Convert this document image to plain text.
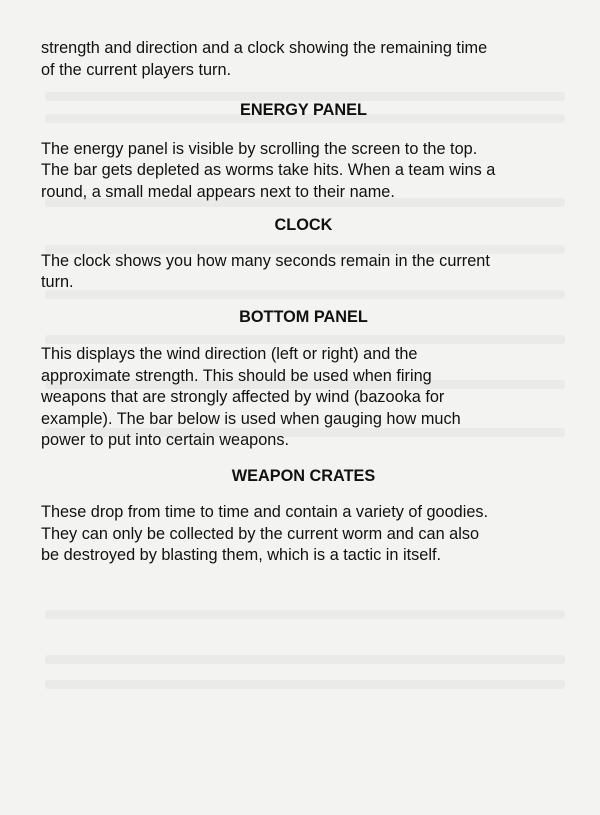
strength and direction and a clock showing the remaining time
of the current players turn.

ENERGY PANEL

The energy panel is visible by scrolling the screen to the top.
The bar gets depleted as worms take hits. When a team wins a
round, a small medal appears next to their name.

CLOCK

The clock shows you how many seconds remain in the current
turn.

BOTTOM PANEL

This displays the wind direction (left or right) and the
approximate strength. This should be used when firing
weapons that are strongly affected by wind (bazooka for
example). The bar below is used when gauging how much
power to put into certain weapons.

WEAPON CRATES

These drop from time to time and contain a variety of goodies.
They can only be collected by the current worm and can also
be destroyed by blasting them, which is a tactic in itself.
